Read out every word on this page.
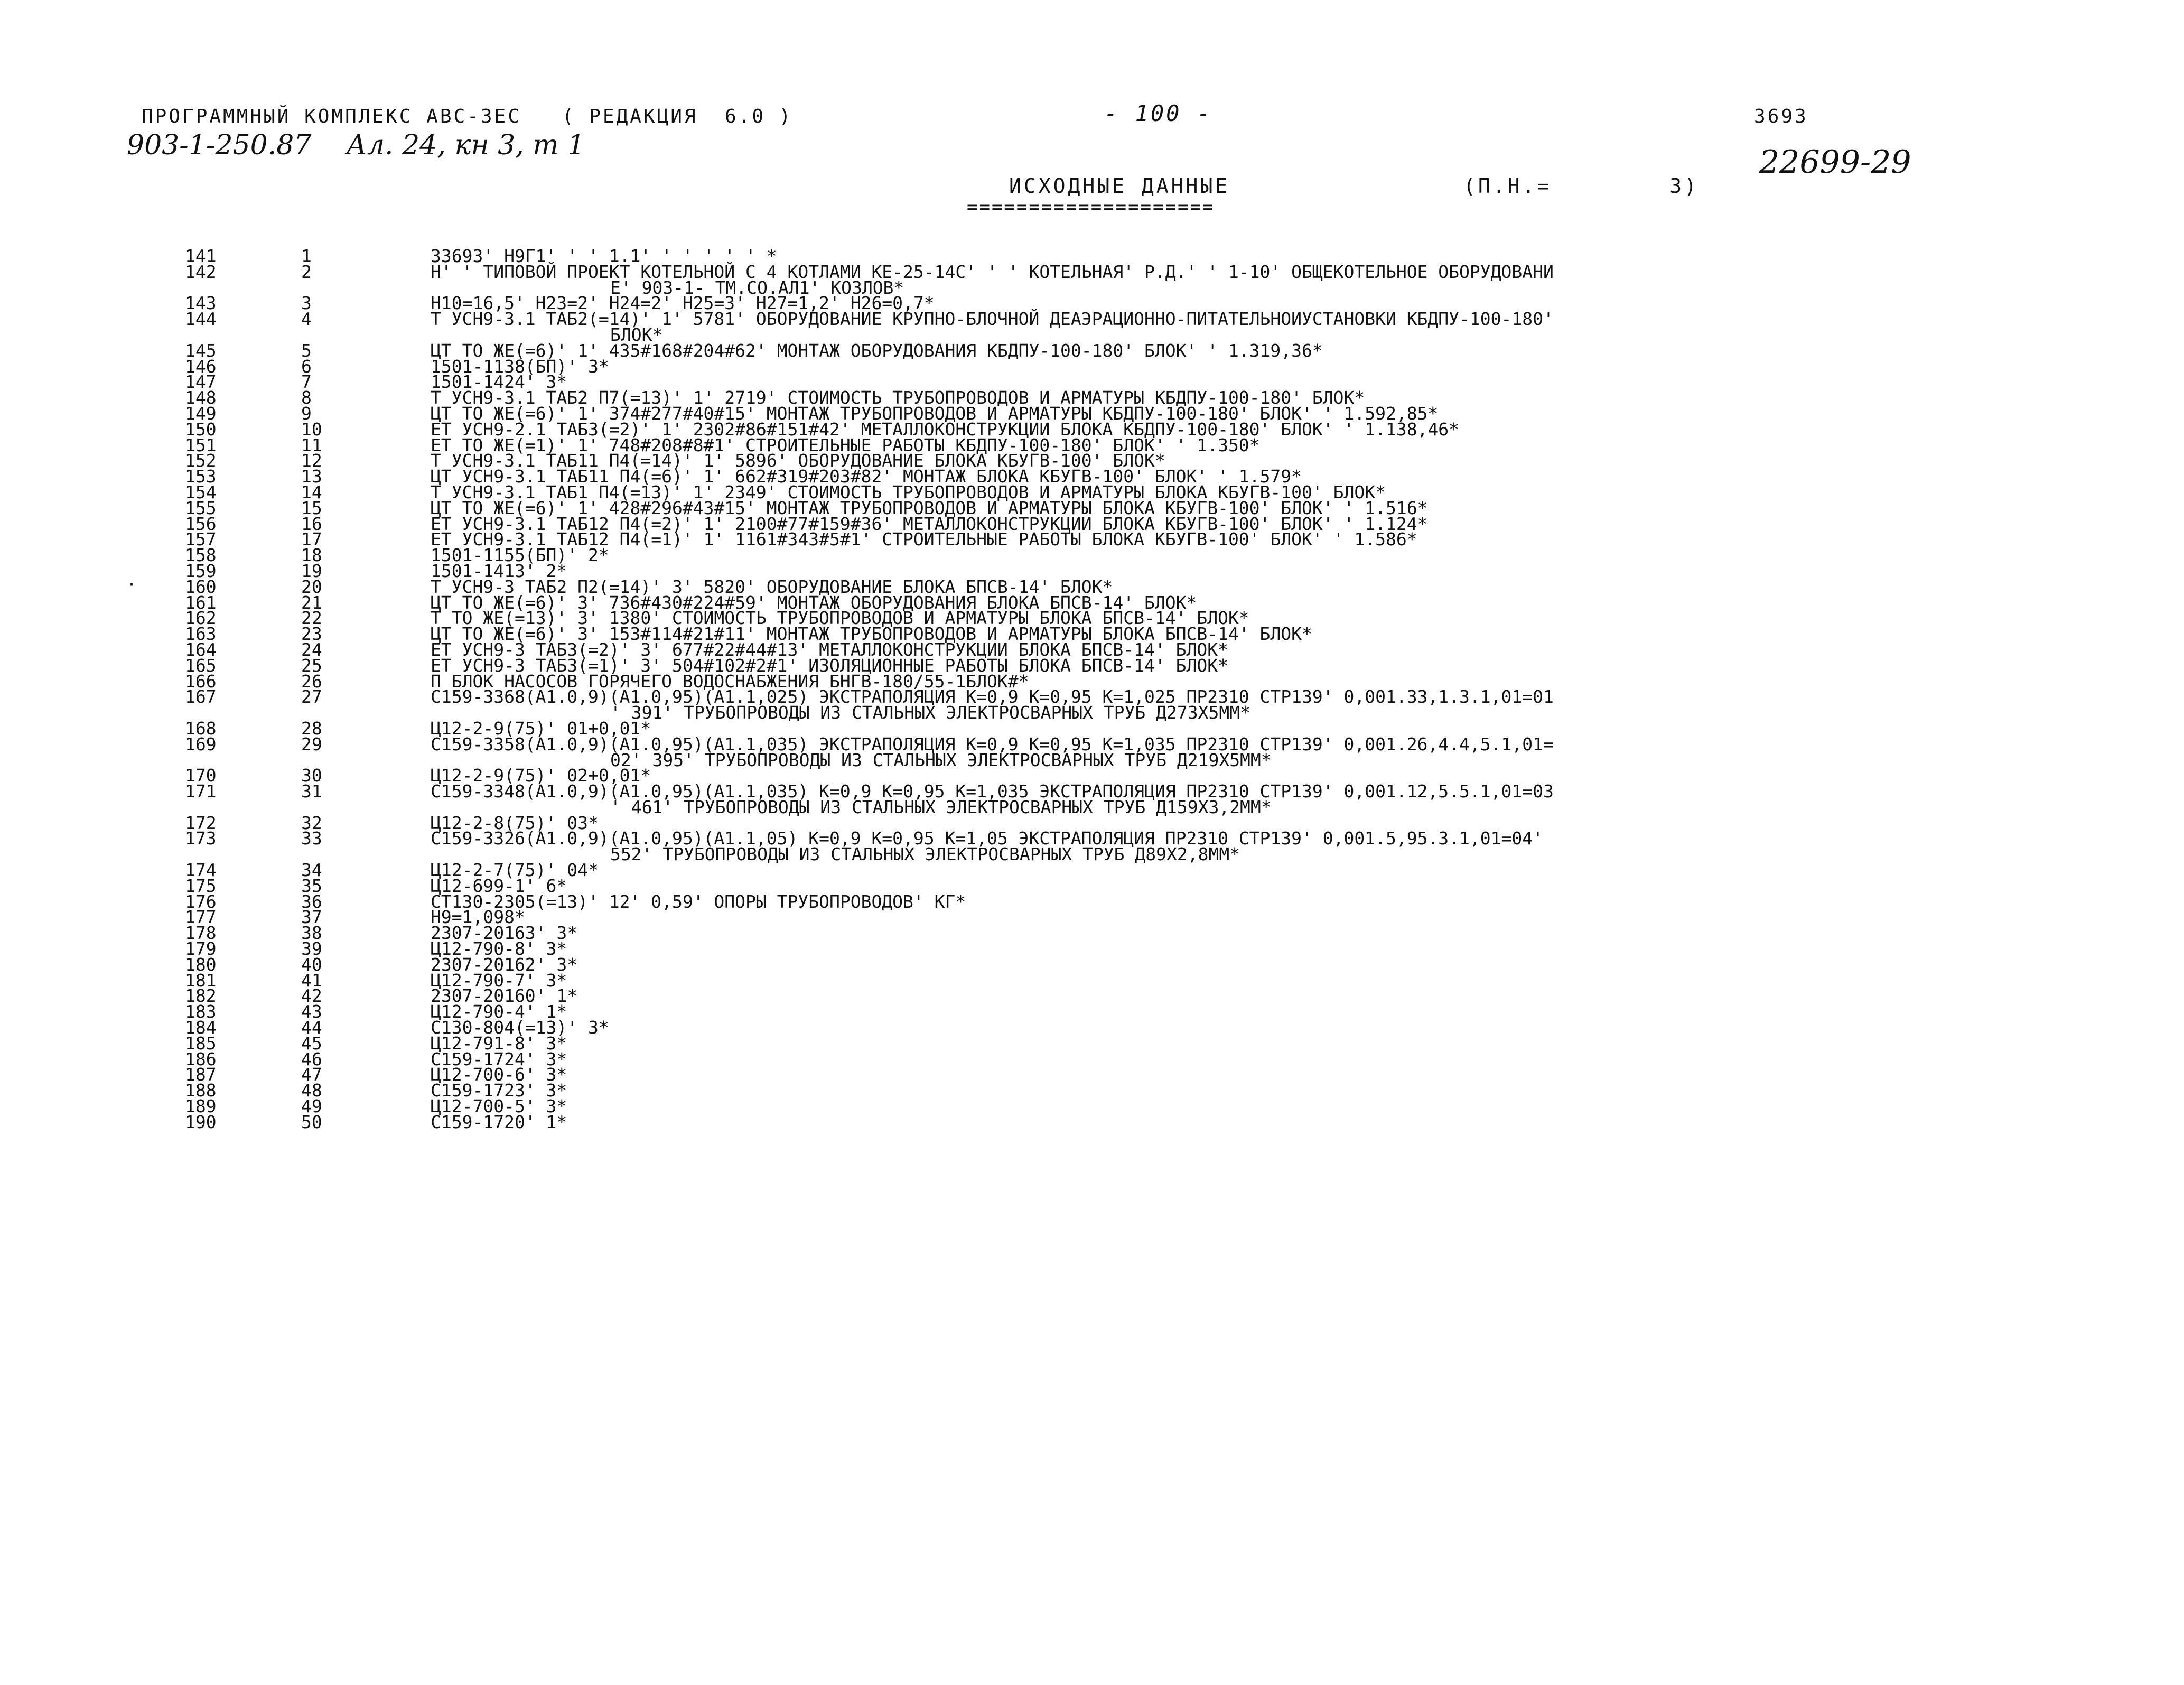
ПРОГРАММНЫЙ КОМПЛЕКС АВС-3ЕС   ( РЕДАКЦИЯ  6.0 )	- 100 -	3693
903-1-250.87    Ал. 24, кн 3, т 1	22699-29
ИСХОДНЫЕ ДАННЫЕ	(П.Н.=        3)
====================
·
141	1	33693' Н9Г1' ' ' 1.1' ' ' ' ' ' *
142	2	Н' ' ТИПОВОЙ ПРОЕКТ КОТЕЛЬНОЙ С 4 КОТЛАМИ КЕ-25-14С' ' ' КОТЕЛЬНАЯ' Р.Д.' ' 1-10' ОБЩЕКОТЕЛЬНОЕ ОБОРУДОВАНИ
Е' 903-1- ТМ.СО.АЛ1' КОЗЛОВ*
143	3	Н10=16,5' Н23=2' Н24=2' Н25=3' Н27=1,2' Н26=0,7*
144	4	Т УСН9-3.1 ТАБ2(=14)' 1' 5781' ОБОРУДОВАНИЕ КРУПНО-БЛОЧНОЙ ДЕАЭРАЦИОННО-ПИТАТЕЛЬНОИУСТАНОВКИ КБДПУ-100-180'
БЛОК*
145	5	ЦТ ТО ЖЕ(=6)' 1' 435#168#204#62' МОНТАЖ ОБОРУДОВАНИЯ КБДПУ-100-180' БЛОК' ' 1.319,36*
146	6	1501-1138(БП)' 3*
147	7	1501-1424' 3*
148	8	Т УСН9-3.1 ТАБ2 П7(=13)' 1' 2719' СТОИМОСТЬ ТРУБОПРОВОДОВ И АРМАТУРЫ КБДПУ-100-180' БЛОК*
149	9	ЦТ ТО ЖЕ(=6)' 1' 374#277#40#15' МОНТАЖ ТРУБОПРОВОДОВ И АРМАТУРЫ КБДПУ-100-180' БЛОК' ' 1.592,85*
150	10	ЕТ УСН9-2.1 ТАБ3(=2)' 1' 2302#86#151#42' МЕТАЛЛОКОНСТРУКЦИИ БЛОКА КБДПУ-100-180' БЛОК' ' 1.138,46*
151	11	ЕТ ТО ЖЕ(=1)' 1' 748#208#8#1' СТРОИТЕЛЬНЫЕ РАБОТЫ КБДПУ-100-180' БЛОК' ' 1.350*
152	12	Т УСН9-3.1 ТАБ11 П4(=14)' 1' 5896' ОБОРУДОВАНИЕ БЛОКА КБУГВ-100' БЛОК*
153	13	ЦТ УСН9-3.1 ТАБ11 П4(=6)' 1' 662#319#203#82' МОНТАЖ БЛОКА КБУГВ-100' БЛОК' ' 1.579*
154	14	Т УСН9-3.1 ТАБ1 П4(=13)' 1' 2349' СТОИМОСТЬ ТРУБОПРОВОДОВ И АРМАТУРЫ БЛОКА КБУГВ-100' БЛОК*
155	15	ЦТ ТО ЖЕ(=6)' 1' 428#296#43#15' МОНТАЖ ТРУБОПРОВОДОВ И АРМАТУРЫ БЛОКА КБУГВ-100' БЛОК' ' 1.516*
156	16	ЕТ УСН9-3.1 ТАБ12 П4(=2)' 1' 2100#77#159#36' МЕТАЛЛОКОНСТРУКЦИИ БЛОКА КБУГВ-100' БЛОК' ' 1.124*
157	17	ЕТ УСН9-3.1 ТАБ12 П4(=1)' 1' 1161#343#5#1' СТРОИТЕЛЬНЫЕ РАБОТЫ БЛОКА КБУГВ-100' БЛОК' ' 1.586*
158	18	1501-1155(БП)' 2*
159	19	1501-1413' 2*
160	20	Т УСН9-3 ТАБ2 П2(=14)' 3' 5820' ОБОРУДОВАНИЕ БЛОКА БПСВ-14' БЛОК*
161	21	ЦТ ТО ЖЕ(=6)' 3' 736#430#224#59' МОНТАЖ ОБОРУДОВАНИЯ БЛОКА БПСВ-14' БЛОК*
162	22	Т ТО ЖЕ(=13)' 3' 1380' СТОИМОСТЬ ТРУБОПРОВОДОВ И АРМАТУРЫ БЛОКА БПСВ-14' БЛОК*
163	23	ЦТ ТО ЖЕ(=6)' 3' 153#114#21#11' МОНТАЖ ТРУБОПРОВОДОВ И АРМАТУРЫ БЛОКА БПСВ-14' БЛОК*
164	24	ЕТ УСН9-3 ТАБ3(=2)' 3' 677#22#44#13' МЕТАЛЛОКОНСТРУКЦИИ БЛОКА БПСВ-14' БЛОК*
165	25	ЕТ УСН9-3 ТАБ3(=1)' 3' 504#102#2#1' ИЗОЛЯЦИОННЫЕ РАБОТЫ БЛОКА БПСВ-14' БЛОК*
166	26	П БЛОК НАСОСОВ ГОРЯЧЕГО ВОДОСНАБЖЕНИЯ БНГВ-180/55-1БЛОК#*
167	27	С159-3368(А1.0,9)(А1.0,95)(А1.1,025) ЭКСТРАПОЛЯЦИЯ К=0,9 К=0,95 К=1,025 ПР2310 СТР139' 0,001.33,1.3.1,01=01
' 391' ТРУБОПРОВОДЫ ИЗ СТАЛЬНЫХ ЭЛЕКТРОСВАРНЫХ ТРУБ Д273Х5ММ*
168	28	Ц12-2-9(75)' 01+0,01*
169	29	С159-3358(А1.0,9)(А1.0,95)(А1.1,035) ЭКСТРАПОЛЯЦИЯ К=0,9 К=0,95 К=1,035 ПР2310 СТР139' 0,001.26,4.4,5.1,01=
02' 395' ТРУБОПРОВОДЫ ИЗ СТАЛЬНЫХ ЭЛЕКТРОСВАРНЫХ ТРУБ Д219Х5ММ*
170	30	Ц12-2-9(75)' 02+0,01*
171	31	С159-3348(А1.0,9)(А1.0,95)(А1.1,035) К=0,9 К=0,95 К=1,035 ЭКСТРАПОЛЯЦИЯ ПР2310 СТР139' 0,001.12,5.5.1,01=03
' 461' ТРУБОПРОВОДЫ ИЗ СТАЛЬНЫХ ЭЛЕКТРОСВАРНЫХ ТРУБ Д159Х3,2ММ*
172	32	Ц12-2-8(75)' 03*
173	33	С159-3326(А1.0,9)(А1.0,95)(А1.1,05) К=0,9 К=0,95 К=1,05 ЭКСТРАПОЛЯЦИЯ ПР2310 СТР139' 0,001.5,95.3.1,01=04'
552' ТРУБОПРОВОДЫ ИЗ СТАЛЬНЫХ ЭЛЕКТРОСВАРНЫХ ТРУБ Д89Х2,8ММ*
174	34	Ц12-2-7(75)' 04*
175	35	Ц12-699-1' 6*
176	36	СТ130-2305(=13)' 12' 0,59' ОПОРЫ ТРУБОПРОВОДОВ' КГ*
177	37	Н9=1,098*
178	38	2307-20163' 3*
179	39	Ц12-790-8' 3*
180	40	2307-20162' 3*
181	41	Ц12-790-7' 3*
182	42	2307-20160' 1*
183	43	Ц12-790-4' 1*
184	44	С130-804(=13)' 3*
185	45	Ц12-791-8' 3*
186	46	С159-1724' 3*
187	47	Ц12-700-6' 3*
188	48	С159-1723' 3*
189	49	Ц12-700-5' 3*
190	50	С159-1720' 1*
